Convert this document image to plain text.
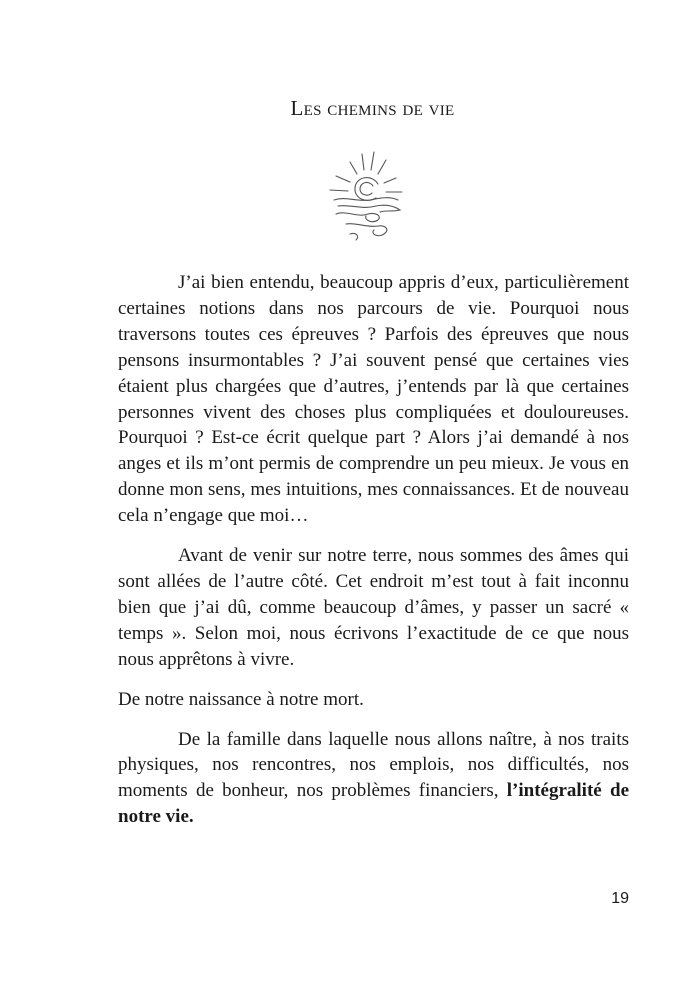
Les chemins de vie

J’ai bien entendu, beaucoup appris d’eux, particulièrement certaines notions dans nos parcours de vie. Pourquoi nous traversons toutes ces épreuves ? Parfois des épreuves que nous pensons insurmontables ? J’ai souvent pensé que certaines vies étaient plus chargées que d’autres, j’entends par là que certaines personnes vivent des choses plus compliquées et douloureuses. Pourquoi ? Est-ce écrit quelque part ? Alors j’ai demandé à nos anges et ils m’ont permis de comprendre un peu mieux. Je vous en donne mon sens, mes intuitions, mes connaissances. Et de nouveau cela n’engage que moi…

Avant de venir sur notre terre, nous sommes des âmes qui sont allées de l’autre côté. Cet endroit m’est tout à fait inconnu bien que j’ai dû, comme beaucoup d’âmes, y passer un sacré « temps ». Selon moi, nous écrivons l’exactitude de ce que nous nous apprêtons à vivre.

De notre naissance à notre mort.

De la famille dans laquelle nous allons naître, à nos traits physiques, nos rencontres, nos emplois, nos difficultés, nos moments de bonheur, nos problèmes financiers, l’intégralité de notre vie.

19
